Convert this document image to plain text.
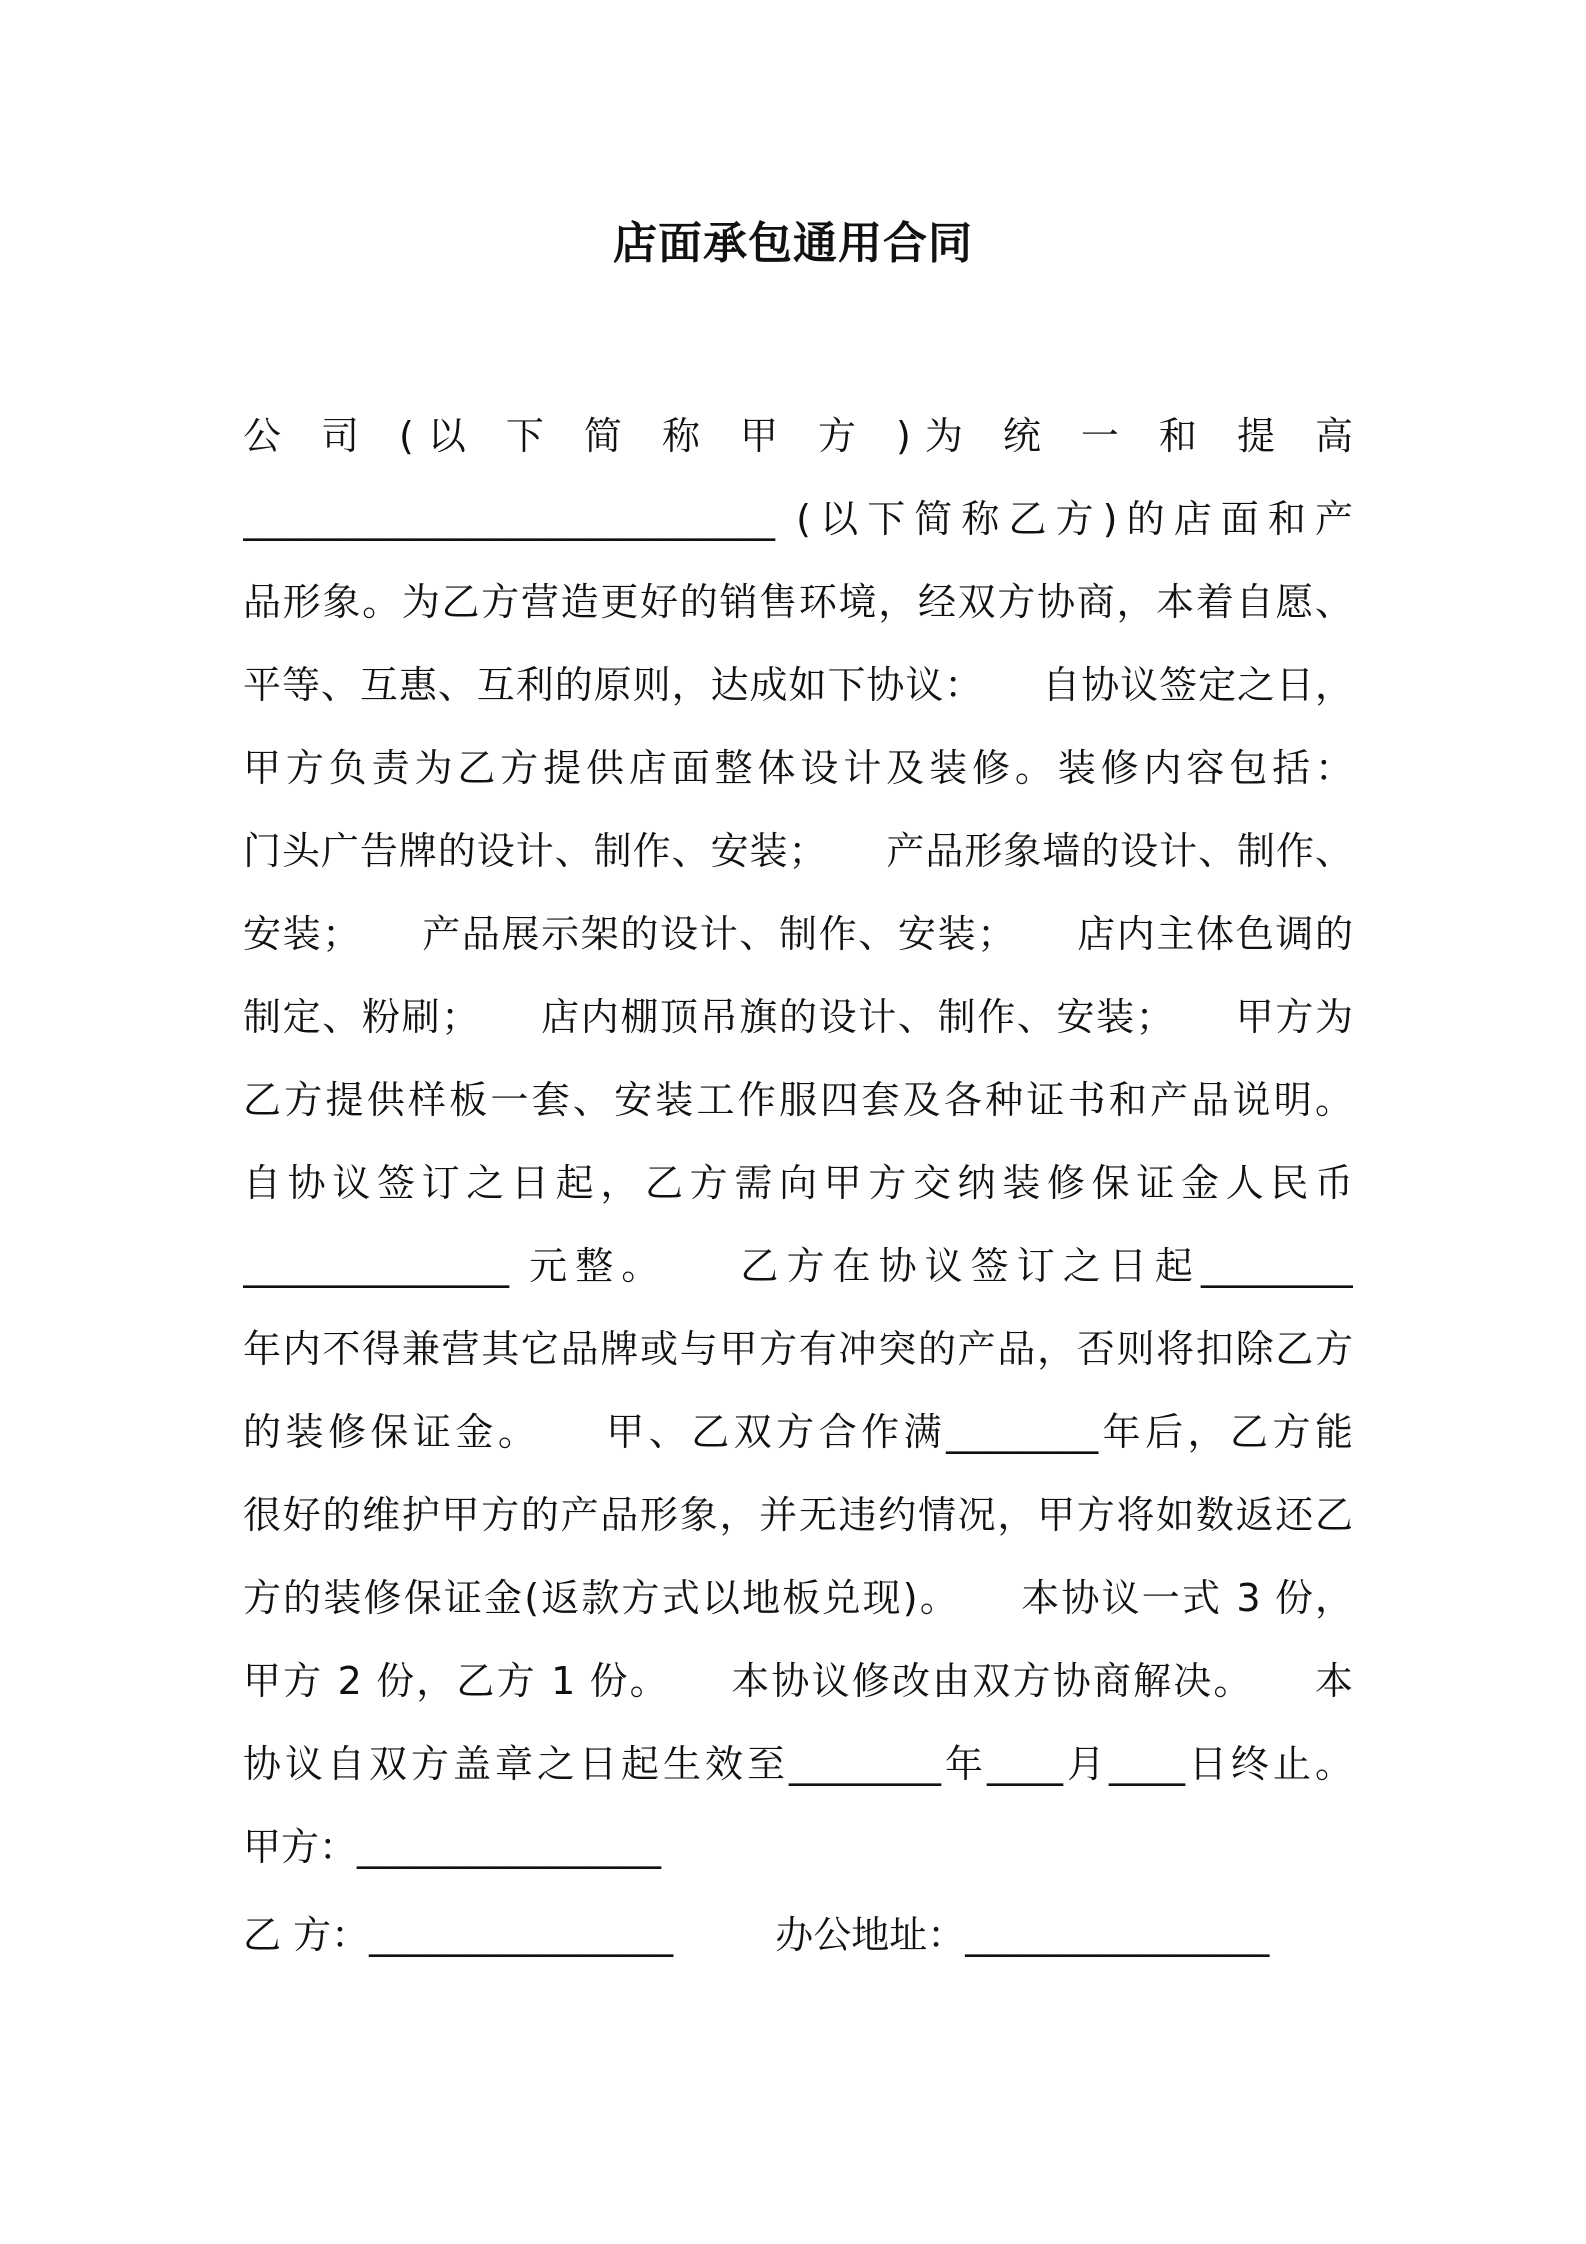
店面承包通用合同
公 司 (以 下 简 称 甲 方 )为 统 一 和 提 高
____________________________ (以下简称乙方)的店面和产
品形象。为乙方营造更好的销售环境，经双方协商，本着自愿、
平等、互惠、互利的原则，达成如下协议：　　自协议签定之日，
甲方负责为乙方提供店面整体设计及装修。装修内容包括：
门头广告牌的设计、制作、安装；　　产品形象墙的设计、制作、
安装；　　产品展示架的设计、制作、安装；　　店内主体色调的
制定、粉刷；　　店内棚顶吊旗的设计、制作、安装；　　甲方为
乙方提供样板一套、安装工作服四套及各种证书和产品说明。
自协议签订之日起，乙方需向甲方交纳装修保证金人民币
______________ 元整。　　乙方在协议签订之日起________
年内不得兼营其它品牌或与甲方有冲突的产品，否则将扣除乙方
的装修保证金。　　甲、乙双方合作满________年后，乙方能
很好的维护甲方的产品形象，并无违约情况，甲方将如数返还乙
方的装修保证金(返款方式以地板兑现)。　　本协议一式 3 份，
甲方 2 份，乙方 1 份。　　本协议修改由双方协商解决。　　本
协议自双方盖章之日起生效至________年____月____日终止。
甲方：________________
乙 方：________________	办公地址：________________
